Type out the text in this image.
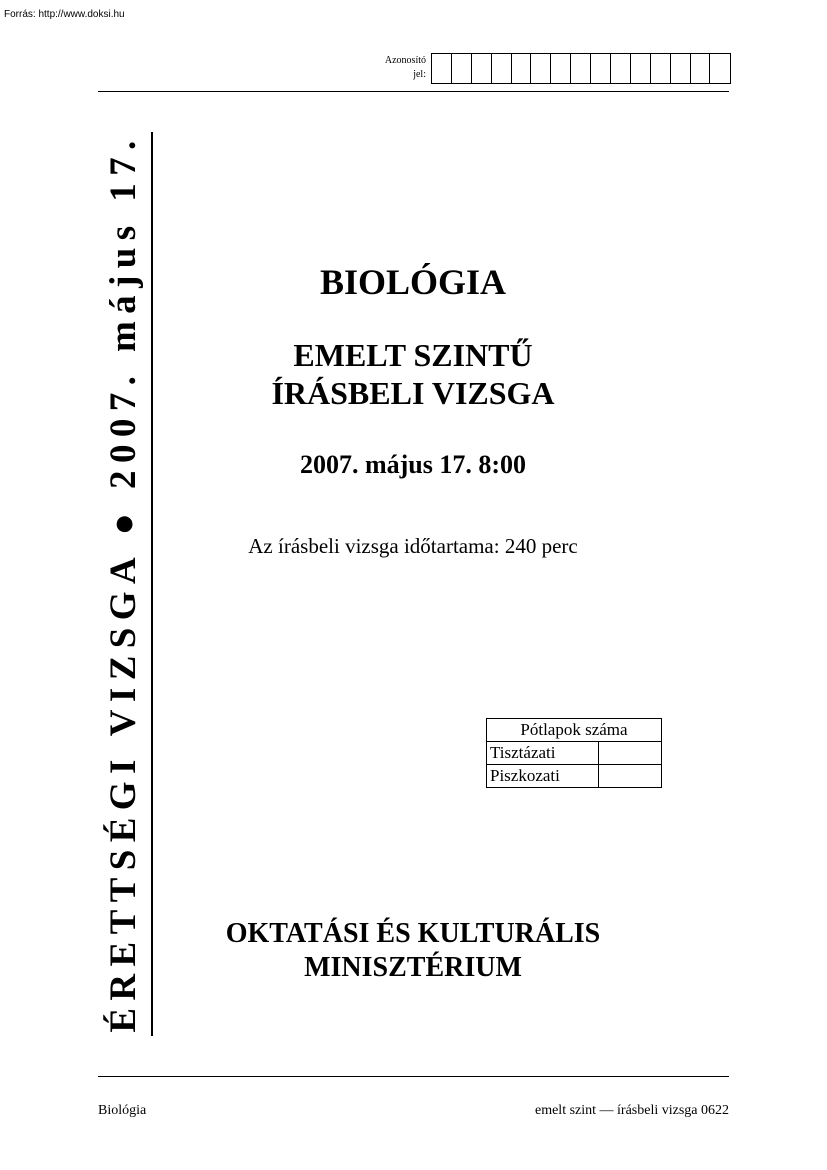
Forrás: http://www.doksi.hu
Azonosító
jel:
ÉRETTSÉGI VIZSGA ● 2007. május 17.	BIOLÓGIA
EMELT SZINTŰ
ÍRÁSBELI VIZSGA
2007. május 17. 8:00
Az írásbeli vizsga időtartama: 240 perc
Pótlapok száma	
Tisztázati	
Piszkozati	
OKTATÁSI ÉS KULTURÁLIS
MINISZTÉRIUM
Biológia	emelt szint — írásbeli vizsga 0622
